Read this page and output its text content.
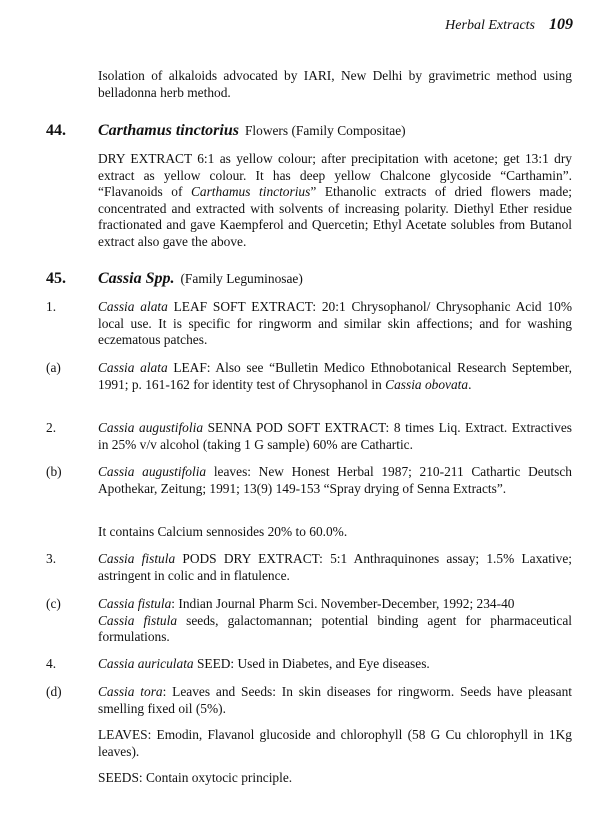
Herbal Extracts 109
Isolation of alkaloids advocated by IARI, New Delhi by gravimetric method using belladonna herb method.
44. Carthamus tinctorius Flowers (Family Compositae)
DRY EXTRACT 6:1 as yellow colour; after precipitation with acetone; get 13:1 dry extract as yellow colour. It has deep yellow Chalcone glycoside “Carthamin”. “Flavanoids of Carthamus tinctorius” Ethanolic extracts of dried flowers made; concentrated and extracted with solvents of increasing polarity. Diethyl Ether residue fractionated and gave Kaempferol and Quercetin; Ethyl Acetate solubles from Butanol extract also gave the above.
45. Cassia Spp. (Family Leguminosae)
1.	Cassia alata LEAF SOFT EXTRACT: 20:1 Chrysophanol/ Chrysophanic Acid 10% local use. It is specific for ringworm and similar skin affections; and for washing eczematous patches.
(a)	Cassia alata LEAF: Also see “Bulletin Medico Ethnobotanical Research September, 1991; p. 161-162 for identity test of Chrysophanol in Cassia obovata.
2.	Cassia augustifolia SENNA POD SOFT EXTRACT: 8 times Liq. Extract. Extractives in 25% v/v alcohol (taking 1 G sample) 60% are Cathartic.
(b)	Cassia augustifolia leaves: New Honest Herbal 1987; 210-211 Cathartic Deutsch Apothekar, Zeitung; 1991; 13(9) 149-153 “Spray drying of Senna Extracts”.
It contains Calcium sennosides 20% to 60.0%.
3.	Cassia fistula PODS DRY EXTRACT: 5:1 Anthraquinones assay; 1.5% Laxative; astringent in colic and in flatulence.
(c)	Cassia fistula: Indian Journal Pharm Sci. November-December, 1992; 234-40
Cassia fistula seeds, galactomannan; potential binding agent for pharmaceutical formulations.
4.	Cassia auriculata SEED: Used in Diabetes, and Eye diseases.
(d)	Cassia tora: Leaves and Seeds: In skin diseases for ringworm. Seeds have pleasant smelling fixed oil (5%).
LEAVES: Emodin, Flavanol glucoside and chlorophyll (58 G Cu chlorophyll in 1Kg leaves).
SEEDS: Contain oxytocic principle.
